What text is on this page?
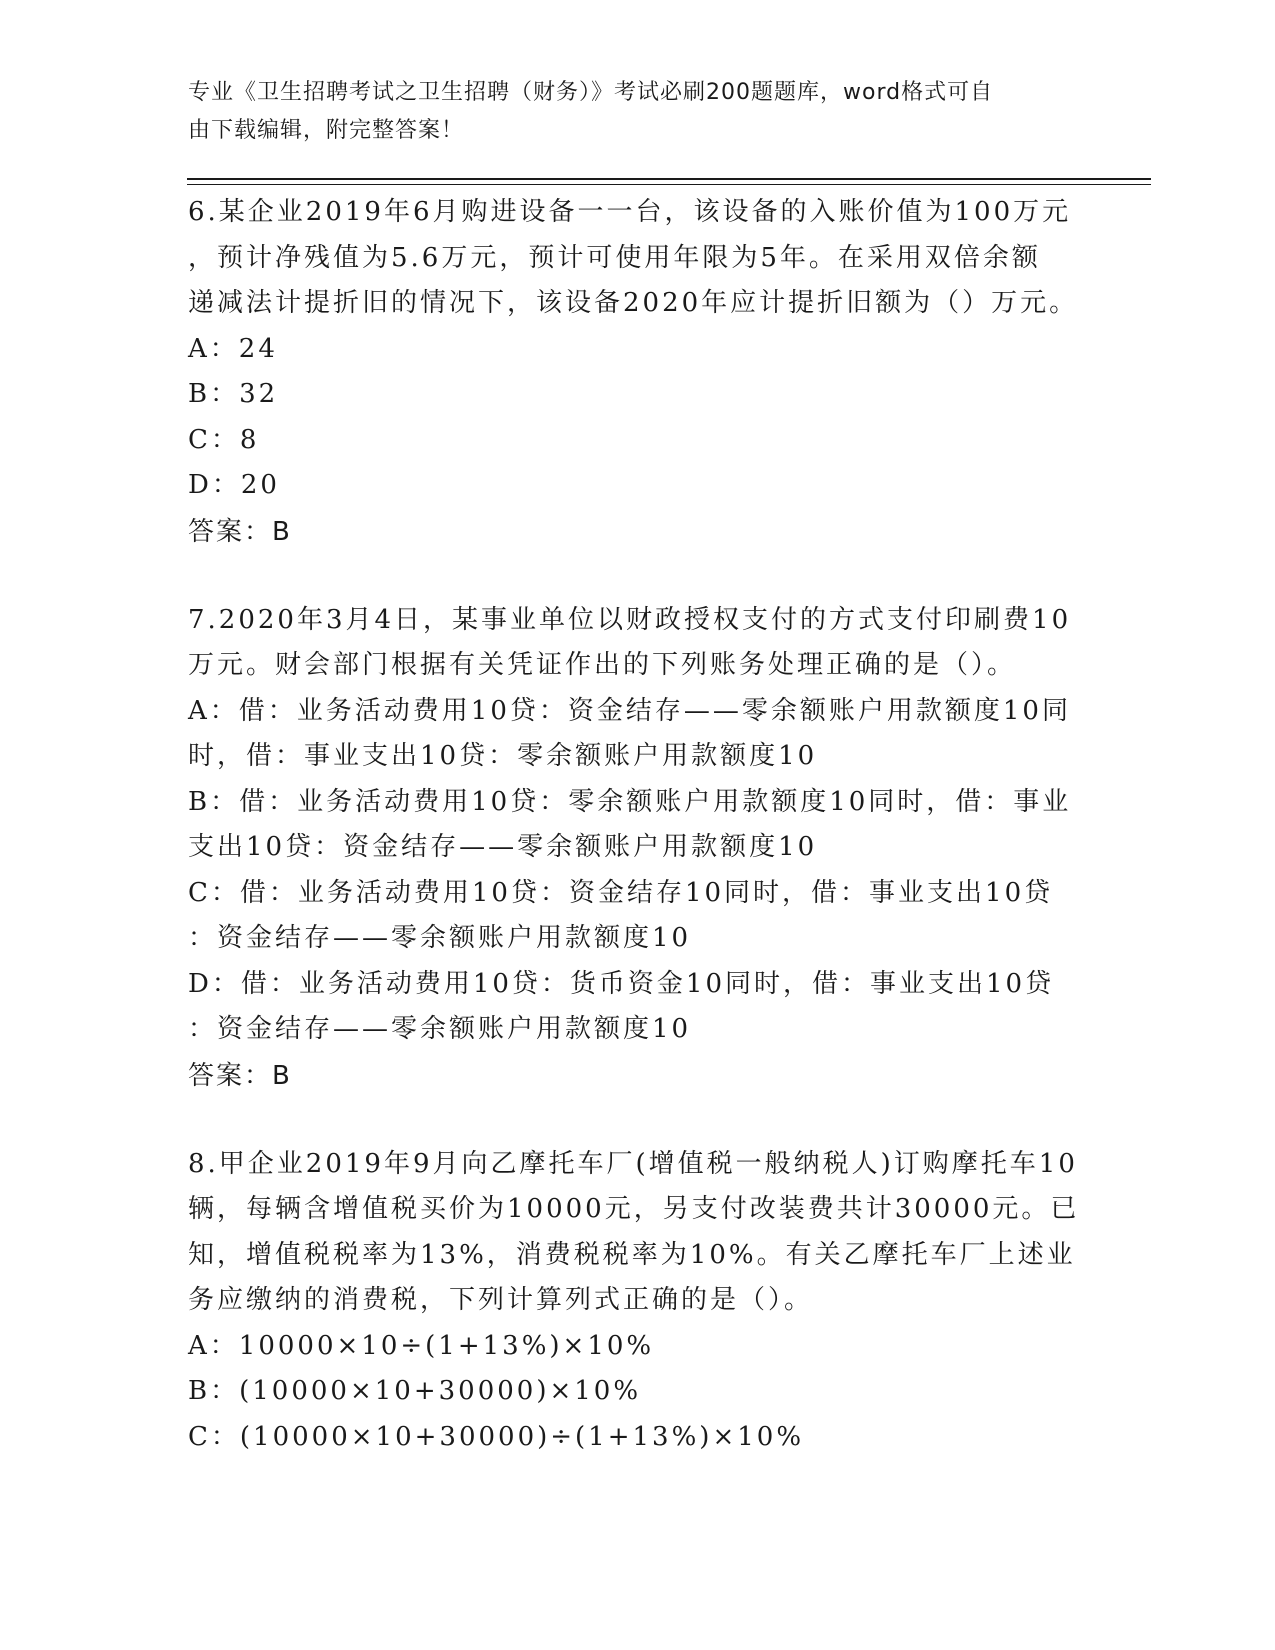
专业《卫生招聘考试之卫生招聘（财务）》考试必刷200题题库，word格式可自
由下载编辑，附完整答案！
6.某企业2019年6月购进设备一一台，该设备的入账价值为100万元
，预计净残值为5.6万元，预计可使用年限为5年。在采用双倍余额
递减法计提折旧的情况下，该设备2020年应计提折旧额为（）万元。
A：24
B：32
C：8
D：20
答案：B
7.2020年3月4日，某事业单位以财政授权支付的方式支付印刷费10
万元。财会部门根据有关凭证作出的下列账务处理正确的是（）。
A：借：业务活动费用10贷：资金结存——零余额账户用款额度10同
时，借：事业支出10贷：零余额账户用款额度10
B：借：业务活动费用10贷：零余额账户用款额度10同时，借：事业
支出10贷：资金结存——零余额账户用款额度10
C：借：业务活动费用10贷：资金结存10同时，借：事业支出10贷
：资金结存——零余额账户用款额度10
D：借：业务活动费用10贷：货币资金10同时，借：事业支出10贷
：资金结存——零余额账户用款额度10
答案：B
8.甲企业2019年9月向乙摩托车厂(增值税一般纳税人)订购摩托车10
辆，每辆含增值税买价为10000元，另支付改装费共计30000元。已
知，增值税税率为13%，消费税税率为10%。有关乙摩托车厂上述业
务应缴纳的消费税，下列计算列式正确的是（）。
A：10000×10÷(1+13%)×10%
B：(10000×10+30000)×10%
C：(10000×10+30000)÷(1+13%)×10%
